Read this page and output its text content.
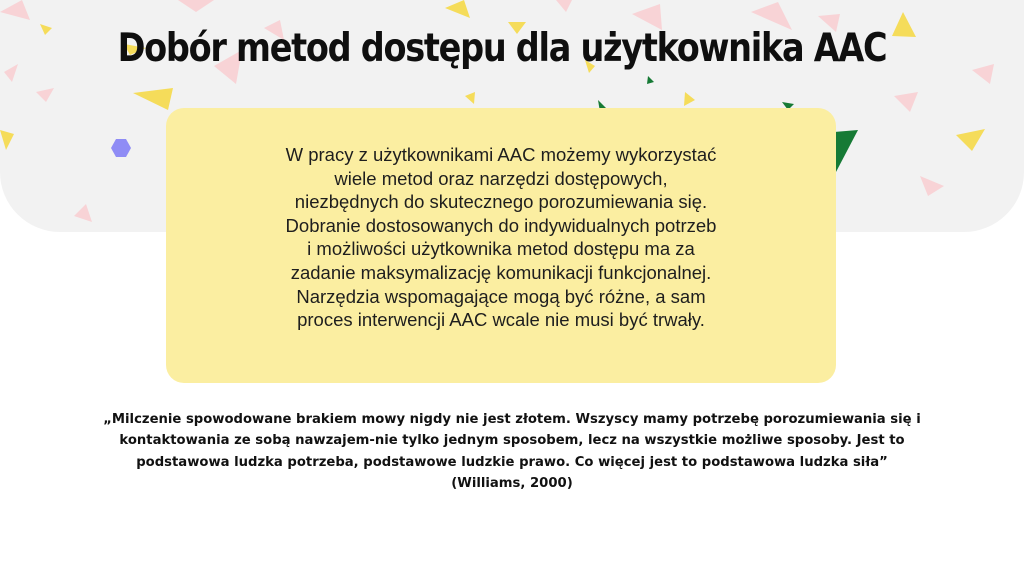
Dobór metod dostępu dla użytkownika AAC

W pracy z użytkownikami AAC możemy wykorzystać
wiele metod oraz narzędzi dostępowych,
niezbędnych do skutecznego porozumiewania się.
Dobranie dostosowanych do indywidualnych potrzeb
i możliwości użytkownika metod dostępu ma za
zadanie maksymalizację komunikacji funkcjonalnej.
Narzędzia wspomagające mogą być różne, a sam
proces interwencji AAC wcale nie musi być trwały.

„Milczenie spowodowane brakiem mowy nigdy nie jest złotem. Wszyscy mamy potrzebę porozumiewania się i
kontaktowania ze sobą nawzajem-nie tylko jednym sposobem, lecz na wszystkie możliwe sposoby. Jest to
podstawowa ludzka potrzeba, podstawowe ludzkie prawo. Co więcej jest to podstawowa ludzka siła”
(Williams, 2000)
